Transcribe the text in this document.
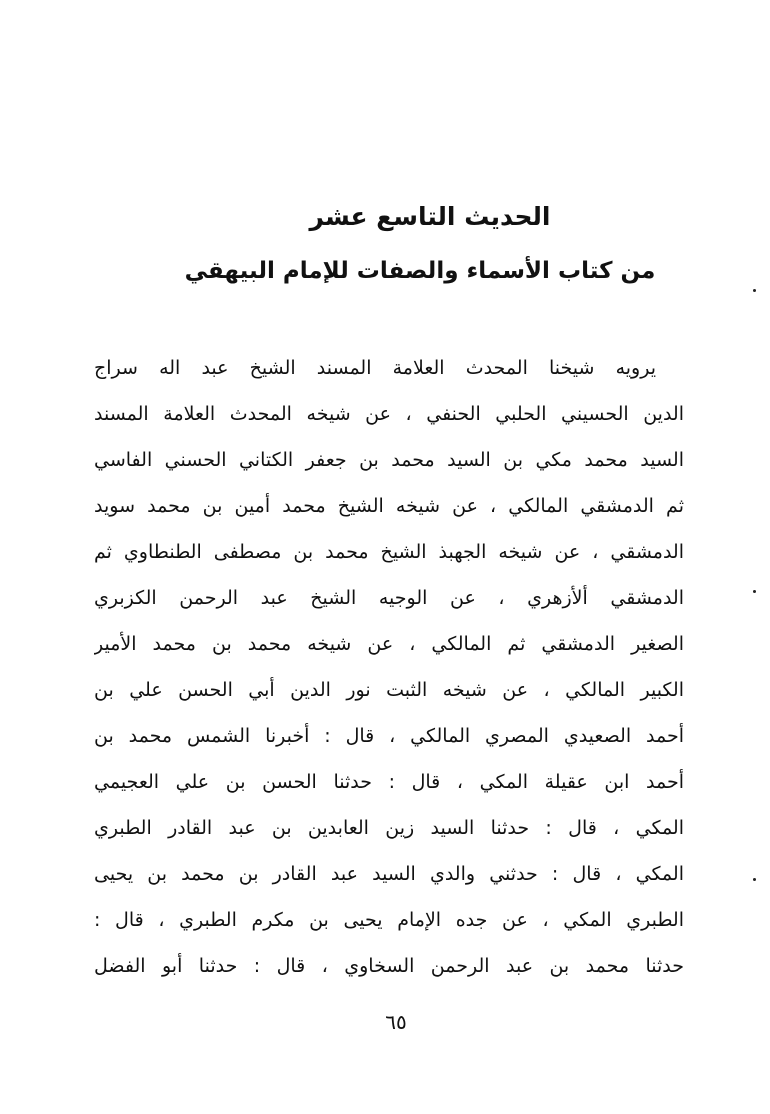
الحديث التاسع عشر
من كتاب الأسماء والصفات للإمام البيهقي
يرويه شيخنا المحدث العلامة المسند الشيخ عبد اله سراج
الدين الحسيني الحلبي الحنفي ، عن شيخه المحدث العلامة المسند
السيد محمد مكي بن السيد محمد بن جعفر الكتاني الحسني الفاسي
ثم الدمشقي المالكي ، عن شيخه الشيخ محمد أمين بن محمد سويد
الدمشقي ، عن شيخه الجهبذ الشيخ محمد بن مصطفى الطنطاوي ثم
الدمشقي ألأزهري ، عن الوجيه الشيخ عبد الرحمن الكزبري
الصغير الدمشقي ثم المالكي ، عن شيخه محمد بن محمد الأمير
الكبير المالكي ، عن شيخه الثبت نور الدين أبي الحسن علي بن
أحمد الصعيدي المصري المالكي ، قال : أخبرنا الشمس محمد بن
أحمد ابن عقيلة المكي ، قال : حدثنا الحسن بن علي العجيمي
المكي ، قال : حدثنا السيد زين العابدين بن عبد القادر الطبري
المكي ، قال : حدثني والدي السيد عبد القادر بن محمد بن يحيى
الطبري المكي ، عن جده الإمام يحيى بن مكرم الطبري ، قال :
حدثنا محمد بن عبد الرحمن السخاوي ، قال : حدثنا أبو الفضل
٦٥
